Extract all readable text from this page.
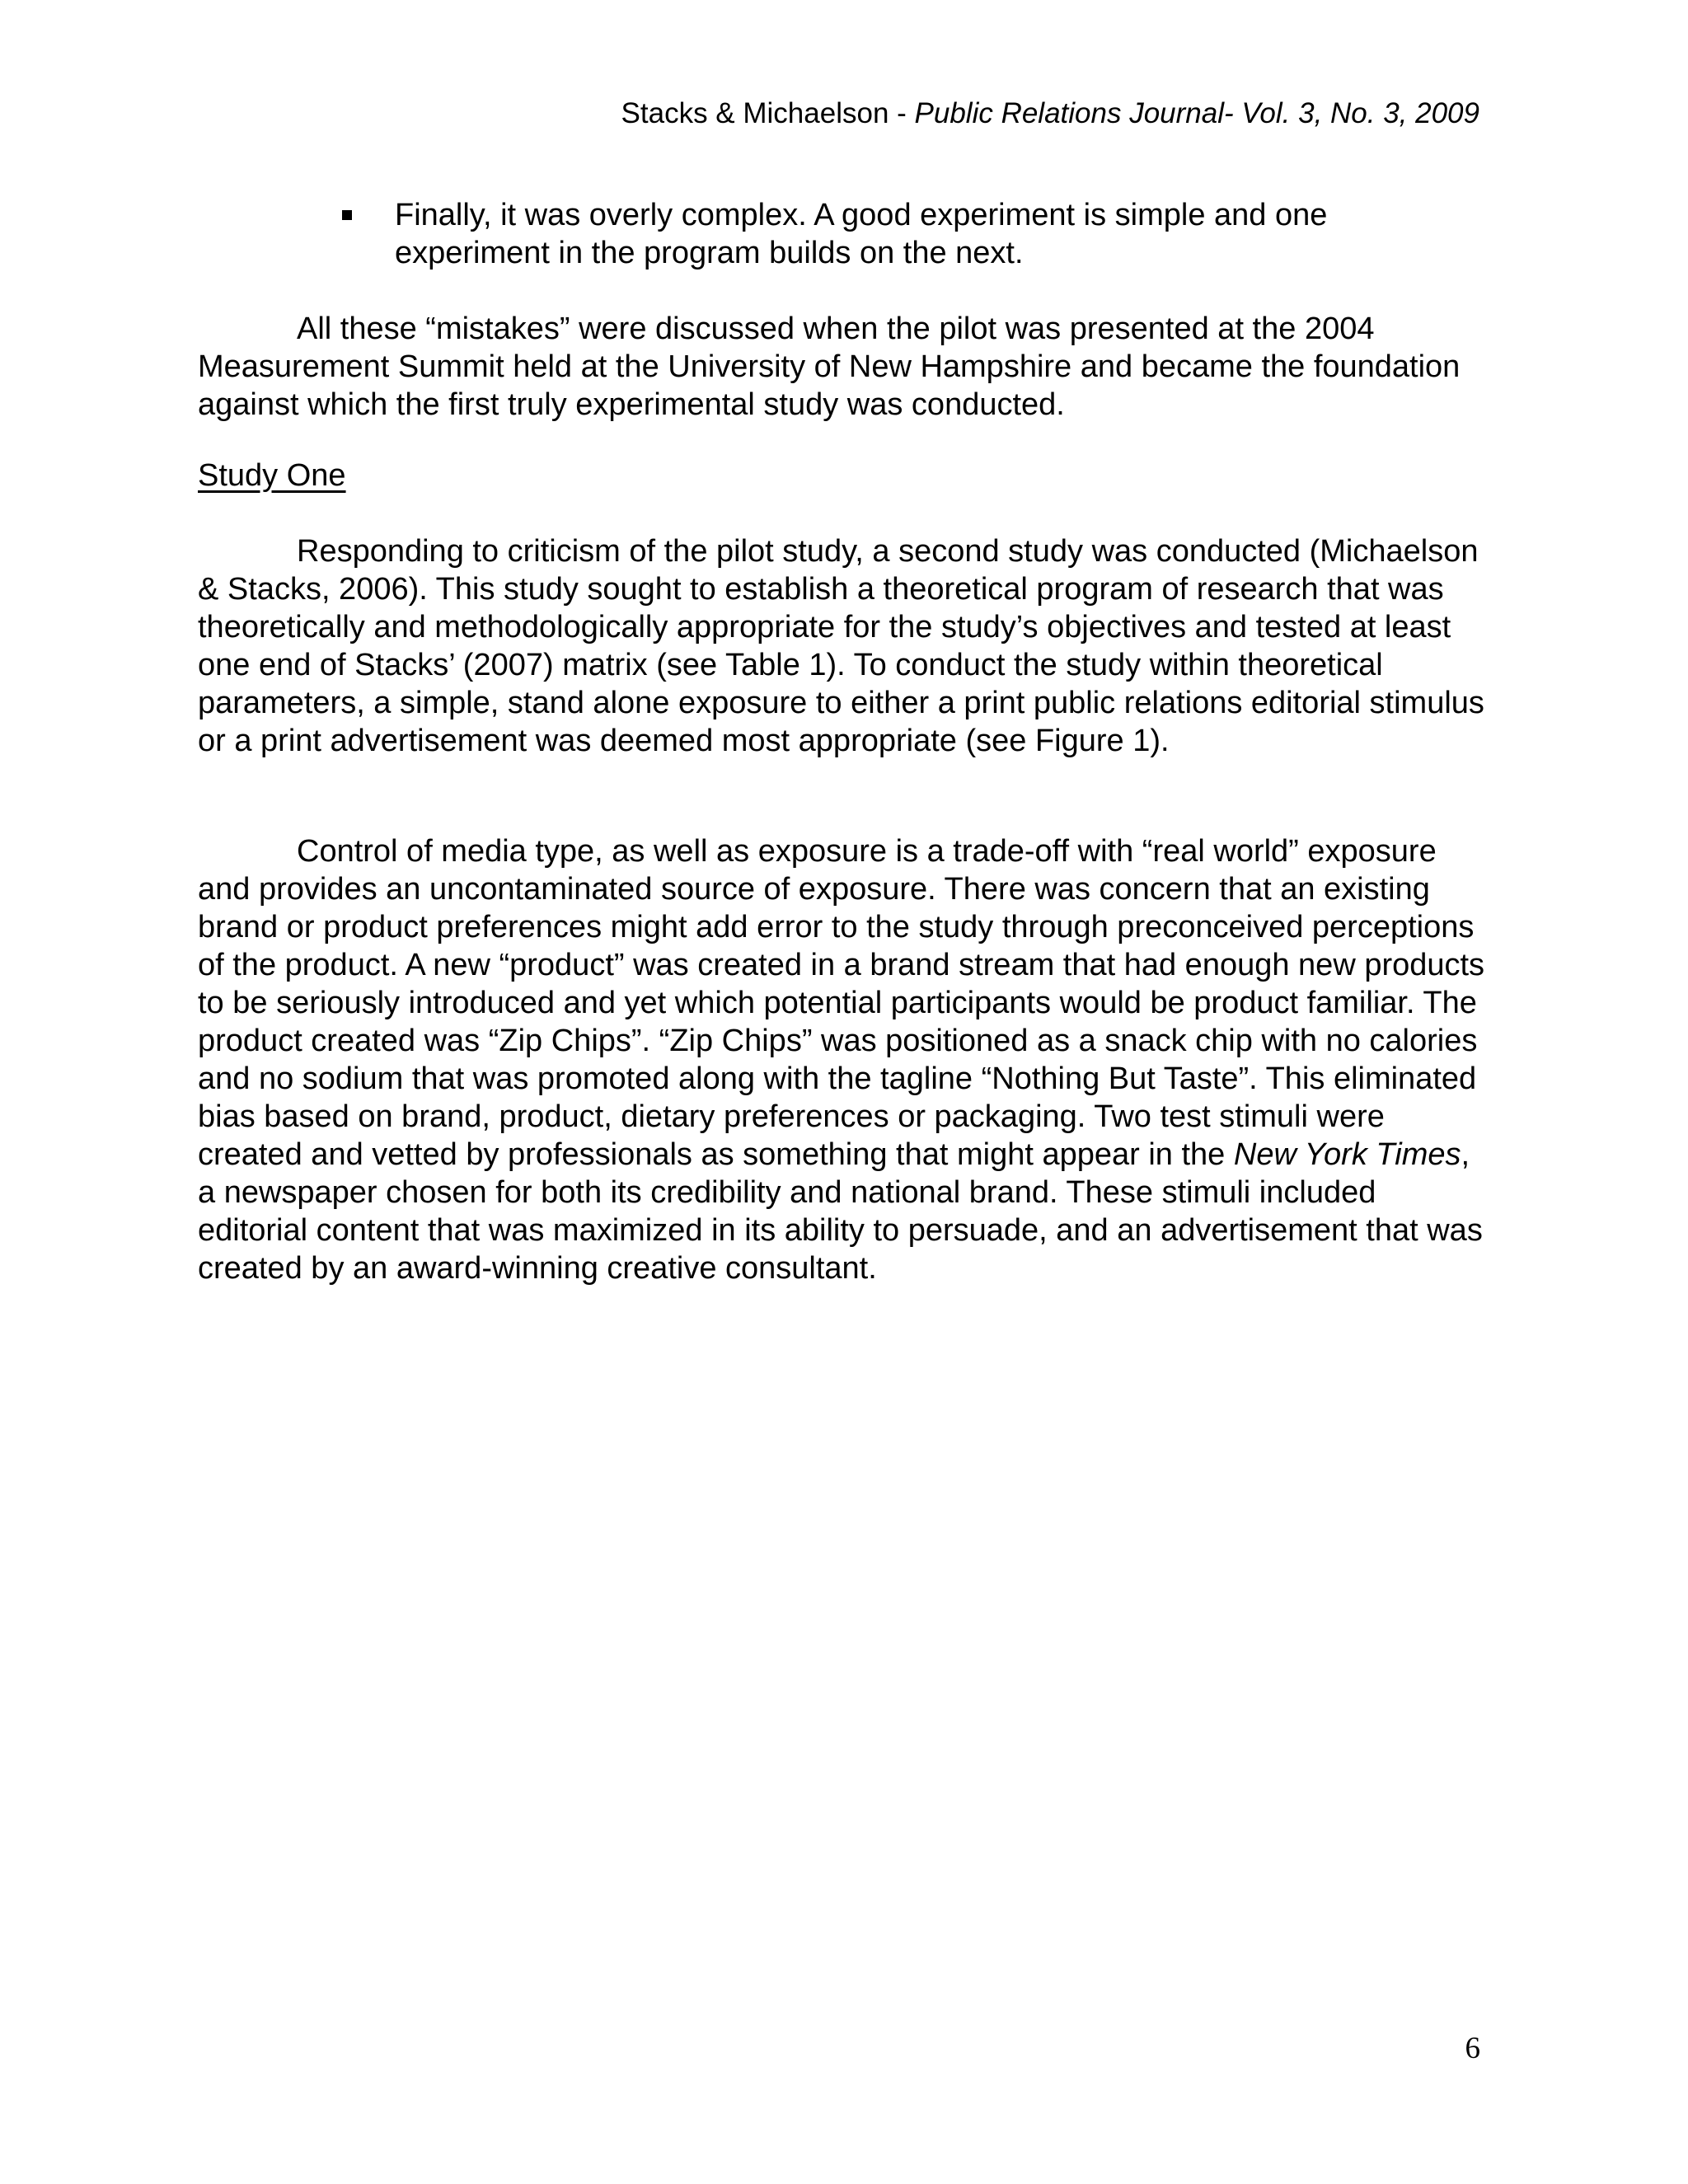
Stacks & Michaelson - Public Relations Journal- Vol. 3, No. 3, 2009
Finally, it was overly complex. A good experiment is simple and one experiment in the program builds on the next.

All these “mistakes” were discussed when the pilot was presented at the 2004 Measurement Summit held at the University of New Hampshire and became the foundation against which the first truly experimental study was conducted.

Study One

Responding to criticism of the pilot study, a second study was conducted (Michaelson & Stacks, 2006). This study sought to establish a theoretical program of research that was theoretically and methodologically appropriate for the study’s objectives and tested at least one end of Stacks’ (2007) matrix (see Table 1). To conduct the study within theoretical parameters, a simple, stand alone exposure to either a print public relations editorial stimulus or a print advertisement was deemed most appropriate (see Figure 1).

Control of media type, as well as exposure is a trade-off with “real world” exposure and provides an uncontaminated source of exposure. There was concern that an existing brand or product preferences might add error to the study through preconceived perceptions of the product. A new “product” was created in a brand stream that had enough new products to be seriously introduced and yet which potential participants would be product familiar. The product created was “Zip Chips”. “Zip Chips” was positioned as a snack chip with no calories and no sodium that was promoted along with the tagline “Nothing But Taste”. This eliminated bias based on brand, product, dietary preferences or packaging. Two test stimuli were created and vetted by professionals as something that might appear in the New York Times, a newspaper chosen for both its credibility and national brand. These stimuli included editorial content that was maximized in its ability to persuade, and an advertisement that was created by an award-winning creative consultant.

6
